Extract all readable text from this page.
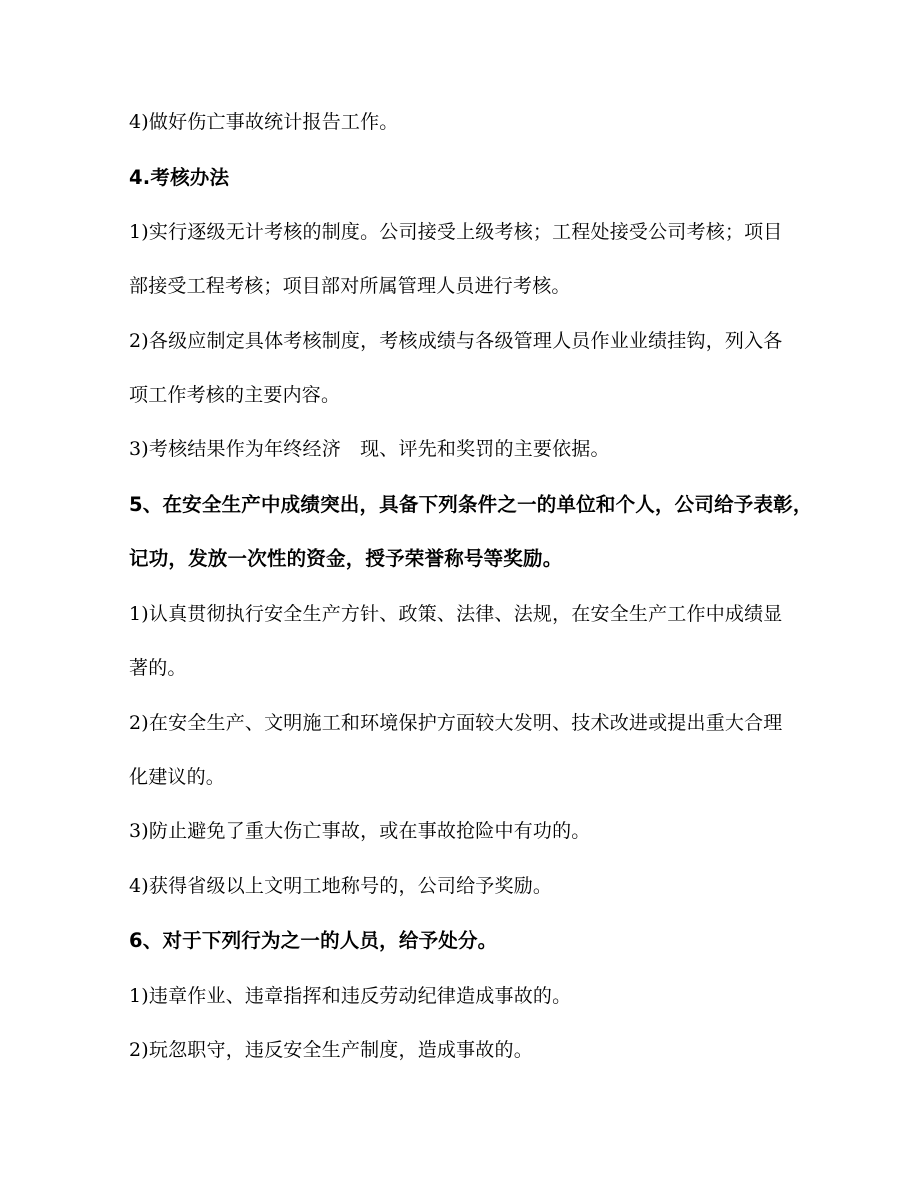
4)做好伤亡事故统计报告工作。
4.考核办法
1)实行逐级无计考核的制度。公司接受上级考核；工程处接受公司考核；项目
部接受工程考核；项目部对所属管理人员进行考核。
2)各级应制定具体考核制度，考核成绩与各级管理人员作业业绩挂钩，列入各
项工作考核的主要内容。
3)考核结果作为年终经济　现、评先和奖罚的主要依据。
5、在安全生产中成绩突出，具备下列条件之一的单位和个人，公司给予表彰，
记功，发放一次性的资金，授予荣誉称号等奖励。
1)认真贯彻执行安全生产方针、政策、法律、法规，在安全生产工作中成绩显
著的。
2)在安全生产、文明施工和环境保护方面较大发明、技术改进或提出重大合理
化建议的。
3)防止避免了重大伤亡事故，或在事故抢险中有功的。
4)获得省级以上文明工地称号的，公司给予奖励。
6、对于下列行为之一的人员，给予处分。
1)违章作业、违章指挥和违反劳动纪律造成事故的。
2)玩忽职守，违反安全生产制度，造成事故的。
